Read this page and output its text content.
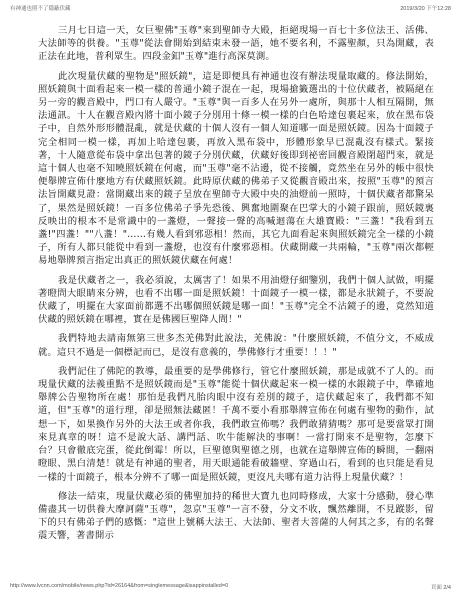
有神通也照不了隱蔽伏藏	2019/3/20 下午12:28

三月七日這一天，女巨聖佛"玉尊"來到聖師寺大殿，拒絕現場一百七十多位法王、活佛、大法師等的供養。"玉尊"從法會開始到結束未發一語，她不要名利，不露聖顏，只為開藏，表正法在此地，普利眾生。四段金釦"玉尊"進行高深莫測。

此次現量伏藏的聖物是"照妖鏡"，這是即便具有神通也沒有辦法現量取藏的。修法開始，照妖鏡與十面看起來一模一樣的普通小鏡子混在一起，現場搶籤選出的十位伏藏者，被隔絕在另一旁的觀音殿中，門口有人嚴守。"玉尊"與一百多人在另外一處所，與那十人相互隔開，無法通訊。十人在觀音殿內將十面小鏡子分別用十條一模一樣的白色哈達包裹起來，放在黑布袋子中，自然外形形體混亂，就是伏藏的十個人沒有一個人知道哪一面是照妖鏡。因為十面鏡子完全相同一模一樣，再加上哈達包裹，再放入黑布袋中，形體形象早已混亂沒有樣式。緊接著，十人隨意從布袋中拿出包著的鏡子分別伏藏，伏藏好後即到祕密回觀音殿閉超門來，就是這十個人也毫不知曉照妖鏡在何處，而"玉尊"毫不沾邊，從不接觸，竟然坐在另外的帳中很快便舉牌宣佈什麼地方有伏藏照妖鏡。此時原伏藏的佛弟子又從觀音殿出來，按照"玉尊"的預言法旨開藏見證：當開藏出來的鏡子呈放在聖師寺大殿中央的油燈前一照時，十個伏藏者都驚呆了，果然是照妖鏡！一百多位佛弟子爭先恐後、興奮地圍聚在巴掌大的小鏡子跟前，照妖鏡裏反映出的根本不是常識中的一盞燈，一聲接一聲的高喊迴蕩在大雄寶殿："三盞！"我看到五盞!"四盞！""八盞！"……有幾人看到邪惡相！然而，其它九面看起來與照妖鏡完全一樣的小鏡子，所有人都只能從中看到一盞燈，也沒有什麼邪惡相。伏藏開藏一共兩輪，"玉尊"兩次都輕易地舉牌預言指定出真正的照妖鏡伏藏在何處！

我是伏藏者之一，我必須說，太厲害了！如果不用油燈仔細鑒別，我們十個人試做，明擺著瞪問大眼睛來分辨，也看不出哪一面是照妖鏡！十面鏡子一模一樣，都是永狀鏡子，不要說伏藏了，明擺在大家面前都選不出哪個照妖鏡是哪一面！"玉尊"完全不沾鏡子的邊，竟然知道伏藏的照妖鏡在哪裡，實在是佛國巨聖降人間！"

我們特地去請南無第三世多杰羌佛對此說法，羌佛說："什麼照妖鏡，不值分文，不威成就。這只不過是一個標記而已，是沒有意義的，學佛修行才重要！！！"

我們記住了佛陀的教導，最重要的是學佛修行，管它什麼照妖鏡，那是成就不了人的。而現量伏藏的法義重點不是照妖鏡而是"玉尊"能從十個伏藏起來一模一樣的水銀鏡子中，準確地舉牌公告聖物所在處！那怕是我們凡胎肉眼中沒有差別的鏡子，這伏藏起來了，我們都不知道，但"玉尊"的道行理，卻是照無法藏匿！千萬不要小看那舉牌宣佈在何處有聖物的動作，試想一下，如果換作另外的大法王或者你我，我們敢宣佈嗎？我們敢猜猜嗎？那可是要當眾打開來見真章的呀！這不是說大話、講門話、吹牛能解決的事啊！一當打開來不是聖物，怎麼下台？只會徹底完蛋，從此倒霉！所以，巨聖德與聖德之別，也就在這舉牌宣佈的瞬間，一翻兩瞪眼、黑白清楚！就是有神通的聖者，用天眼通能看破牆壁、穿過山石，看到的也只能是看見一樣的十面鏡子，根本分辨不了哪一面是照妖鏡，更沒凡夫哪有道力沾得上現量伏藏？！

修法一結束，現量伏藏必須的佛聖加持的稀世大寶九也同時修成，大家十分感動，發心準備盡其一切供養大摩訶薩"玉尊"，忽京"玉尊"一言不發，分文不收，飄然離開，不見蹤影，留下的只有佛弟子們的感慨："這世上號稱大法王、大法師、聖者大菩薩的人何其之多，有的名聲震天響，著書開示

http://www.lvcnn.com/mobile/news.php?id=26164&from=singlemessage&isappinstalled=0	頁面 2/4
